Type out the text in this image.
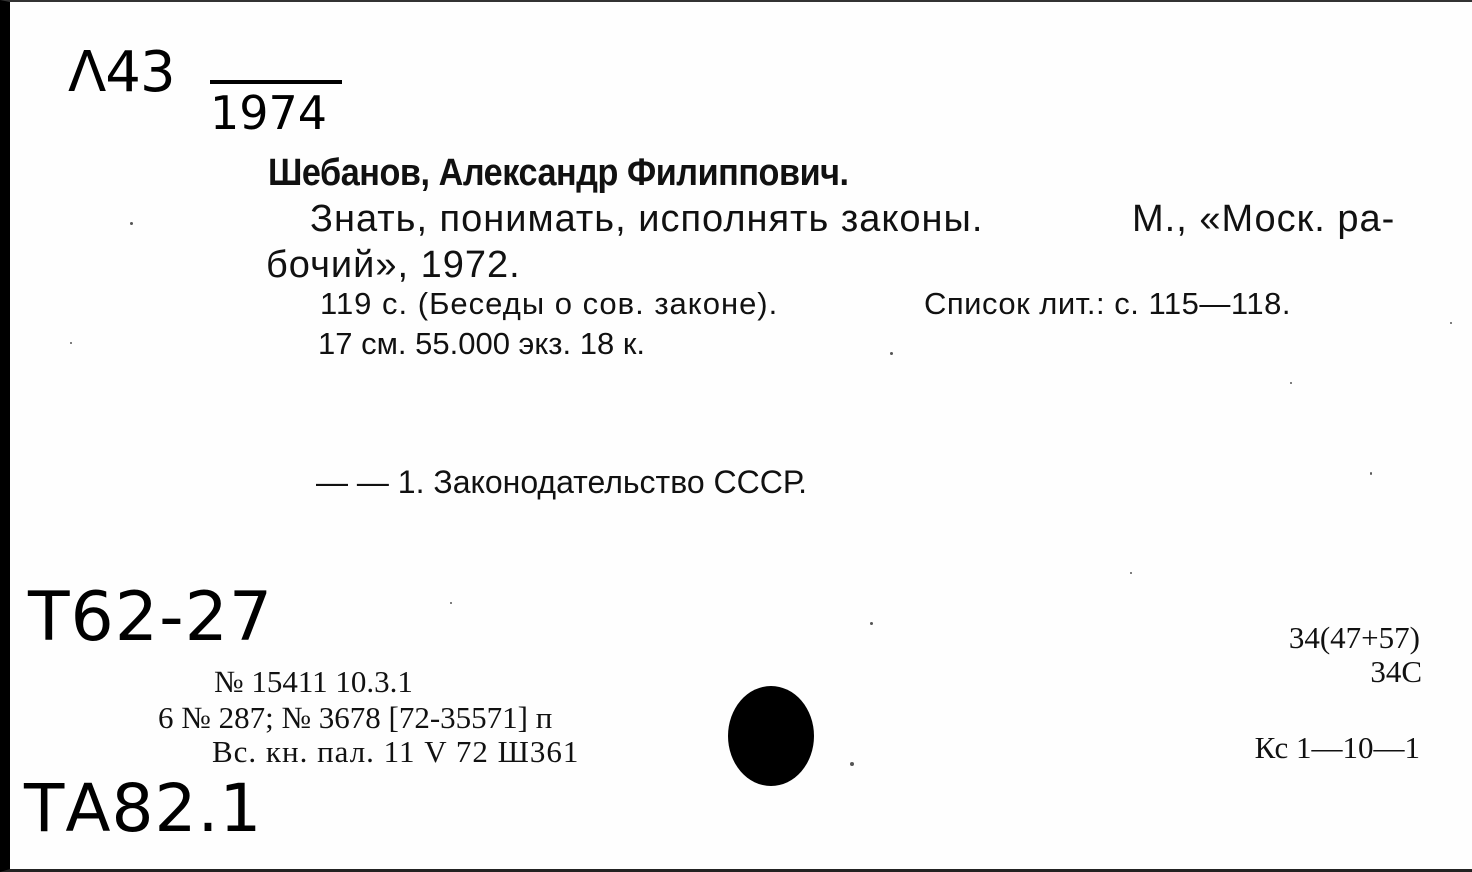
Λ43
1974
Шебанов, Александр Филиппович.
Знать, понимать, исполнять законы.	М., «Моск. ра-
бочий», 1972.
119 с. (Беседы о сов. законе).	Список лит.: с. 115—118.
17 см. 55.000 экз. 18 к.
— — 1. Законодательство СССР.
Т62-27
ТА82.1
№ 15411 10.3.1
6 № 287; № 3678 [72-35571] п
Вс. кн. пал. 11 V 72 Ш361
34(47+57)
34С
Кс 1—10—1
